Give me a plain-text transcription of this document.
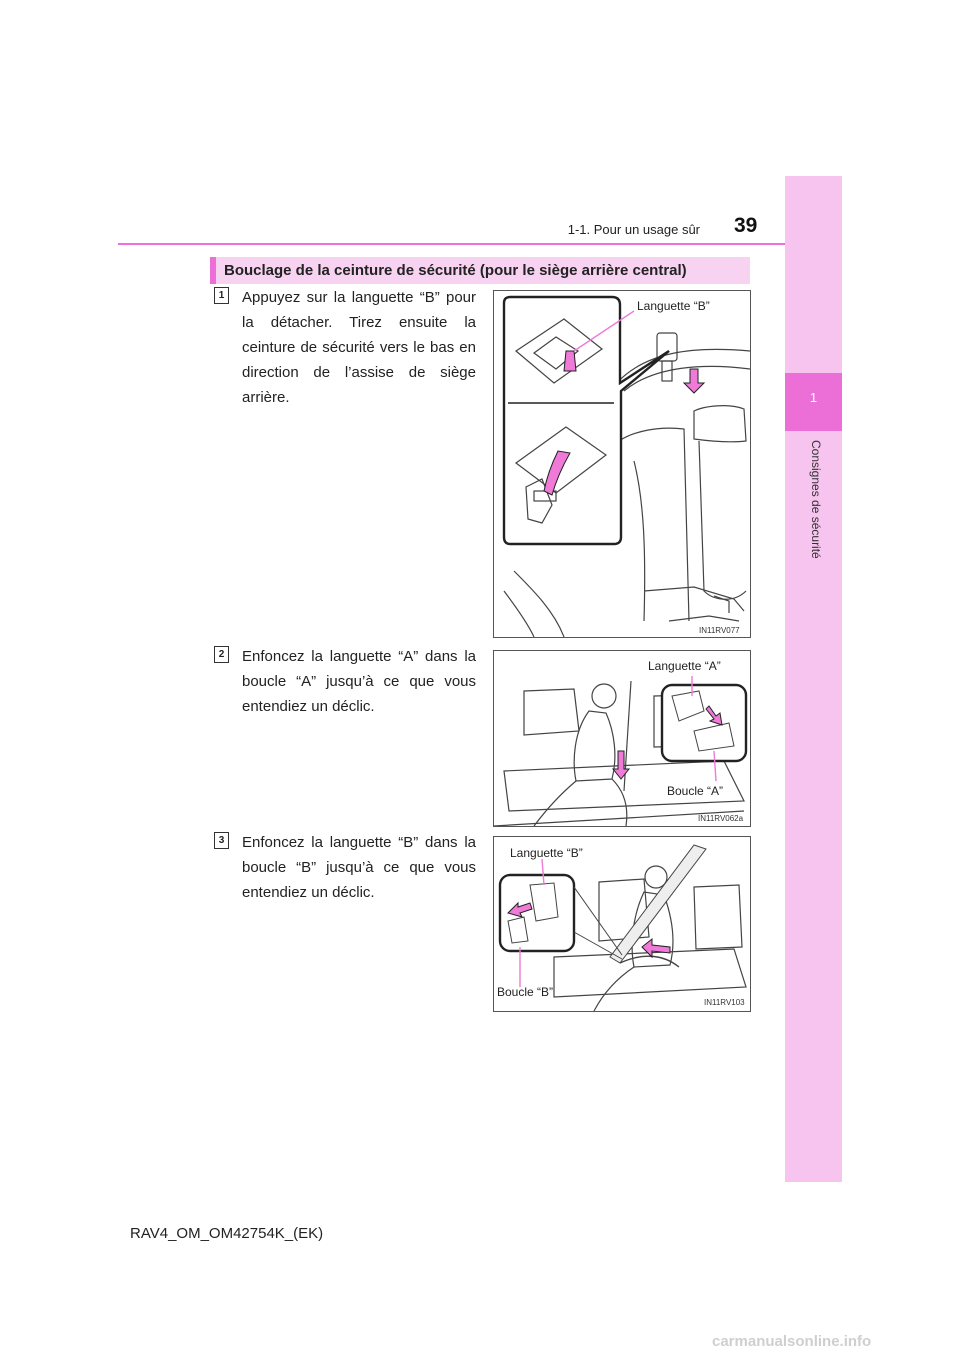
1-1. Pour un usage sûr 39
1
Consignes de sécurité
Bouclage de la ceinture de sécurité (pour le siège arrière central)
1	Appuyez sur la languette “B” pour la détacher. Tirez ensuite la ceinture de sécurité vers le bas en direction de l’assise de siège arrière.
Languette “B”
IN11RV077
2	Enfoncez la languette “A” dans la boucle “A” jusqu’à ce que vous entendiez un déclic.
Languette “A”
Boucle “A”
IN11RV062a
3	Enfoncez la languette “B” dans la boucle “B” jusqu’à ce que vous entendiez un déclic.
Languette “B”
Boucle “B”
IN11RV103
RAV4_OM_OM42754K_(EK)
carmanualsonline.info
